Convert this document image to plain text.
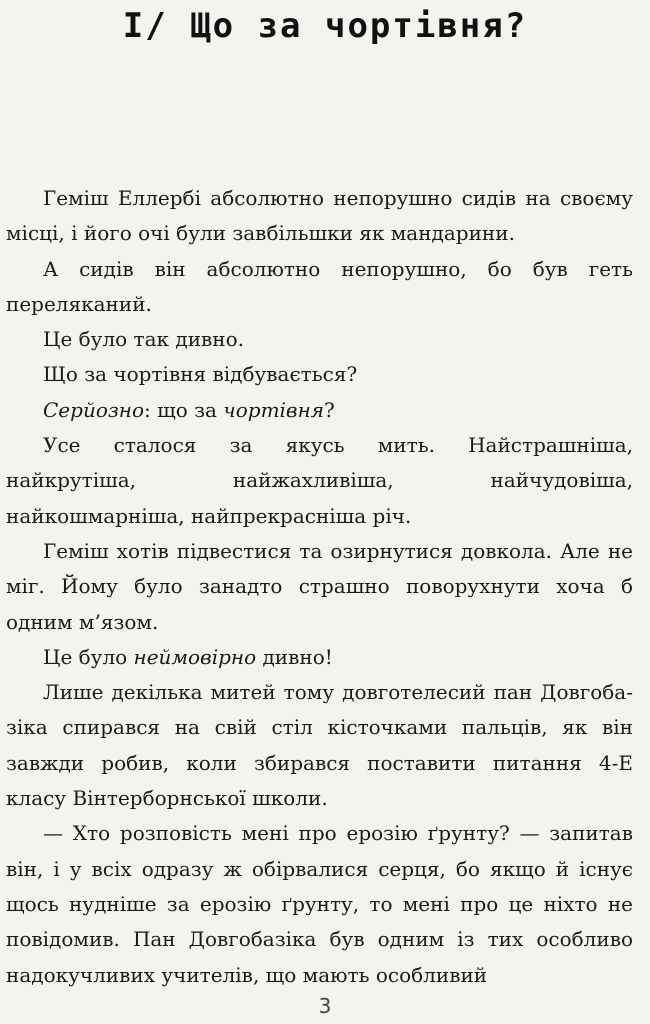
I/ Що за чортівня?

Геміш Еллербі абсолютно непорушно сидів на своєму місці, і його очі були завбільшки як мандарини.

А сидів він абсолютно непорушно, бо був геть переляканий.

Це було так дивно.

Що за чортівня відбувається?

Серйозно: що за чортівня?

Усе сталося за якусь мить. Найстрашніша, найкрутіша, найжахливіша, найчудовіша, найкошмарніша, найпрекрасніша річ.

Геміш хотів підвестися та озирнутися довкола. Але не міг. Йому було занадто страшно поворухнути хоча б одним м’язом.

Це було неймовірно дивно!

Лише декілька митей тому довготелесий пан Довгобазіка спирався на свій стіл кісточками пальців, як він завжди робив, коли збирався поставити питання 4-Е класу Вінтерборнської школи.

— Хто розповість мені про ерозію ґрунту? — запитав він, і у всіх одразу ж обірвалися серця, бо якщо й існує щось нудніше за ерозію ґрунту, то мені про це ніхто не повідомив. Пан Довгобазіка був одним із тих особливо надокучливих учителів, що мають особливий

3
